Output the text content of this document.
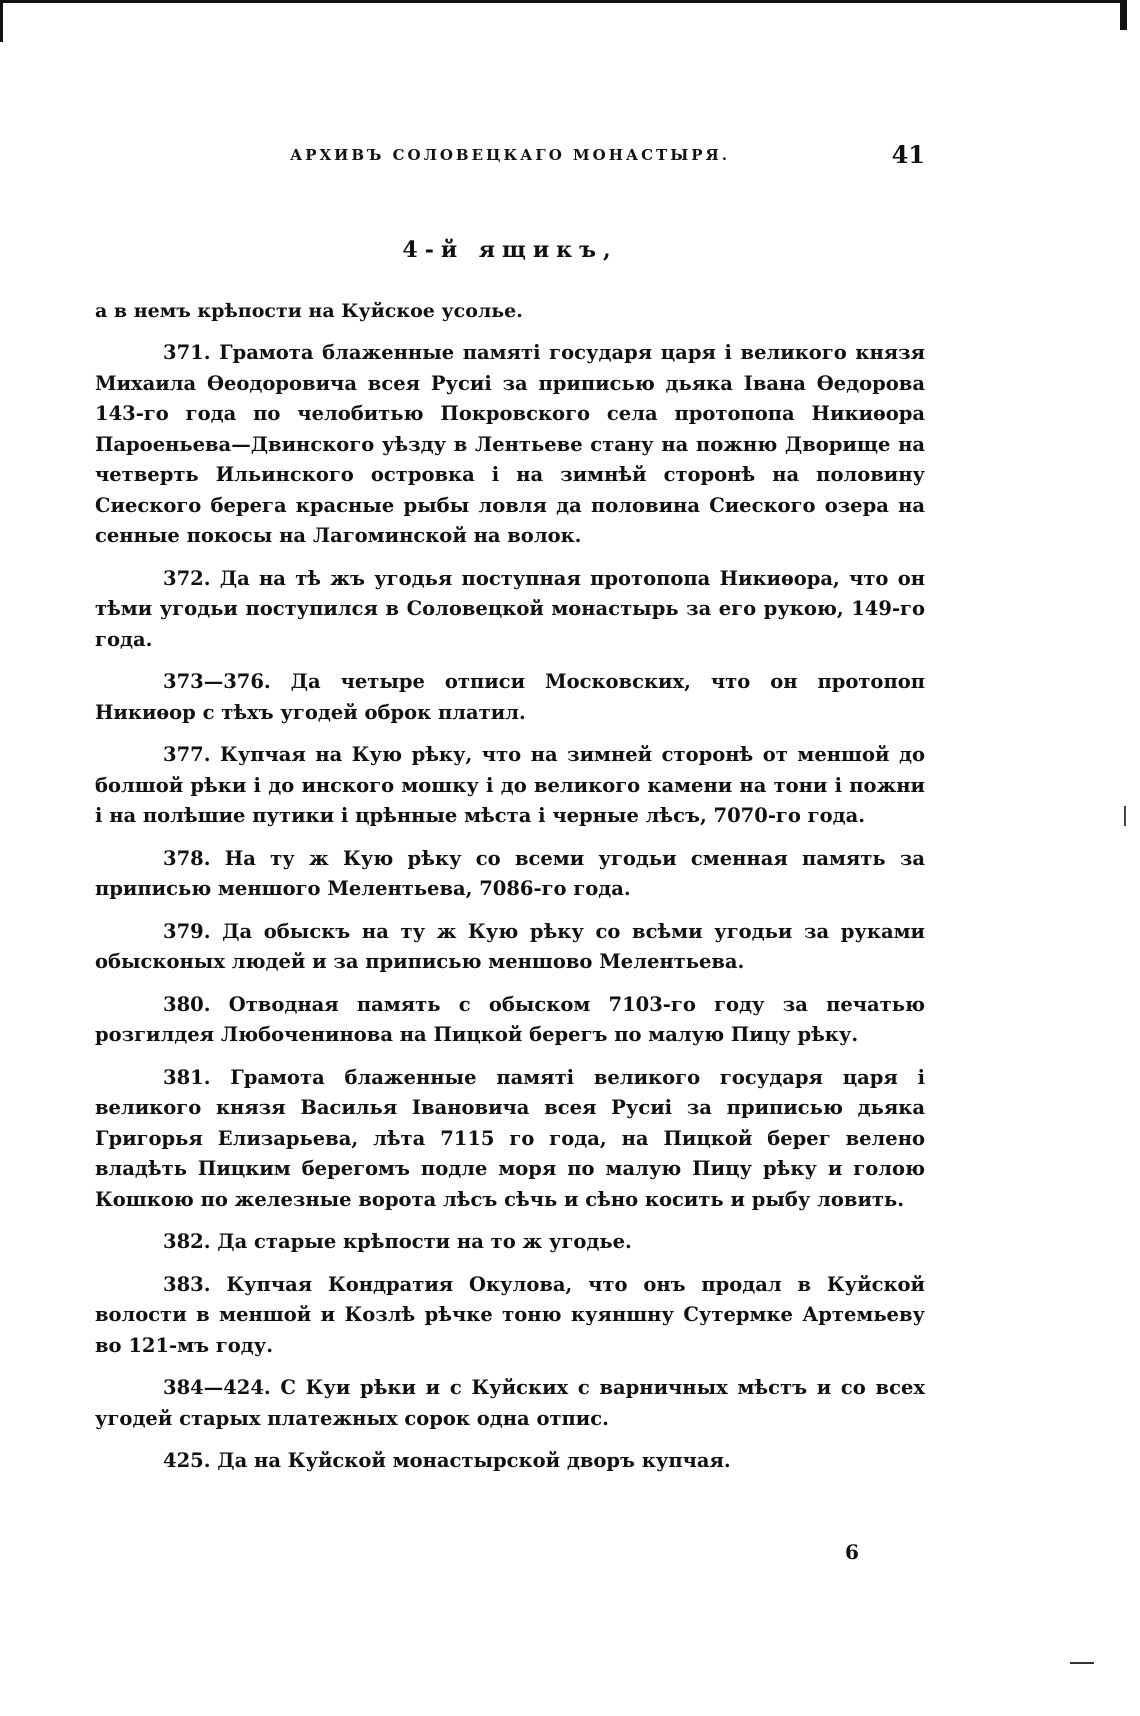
АРХИВЪ СОЛОВЕЦКАГО МОНАСТЫРЯ.	41
4-й ящикъ,
а в немъ крѣпости на Куйское усолье.

371. Грамота блаженные памяті государя царя і великого князя Михаила Ѳеодоровича всея Русиі за приписью дьяка Івана Ѳедорова 143-го года по челобитью Покровского села протопопа Никиѳора Пароеньева—Двинского уѣзду в Лентьеве стану на пожню Дворище на четверть Ильинского островка і на зимнѣй сторонѣ на половину Сиеского берега красные рыбы ловля да половина Сиеского озера на сенные покосы на Лагоминской на волок.

372. Да на тѣ жъ угодья поступная протопопа Никиѳора, что он тѣми угодьи поступился в Соловецкой монастырь за его рукою, 149-го года.

373—376. Да четыре отписи Московских, что он протопоп Никиѳор с тѣхъ угодей оброк платил.

377. Купчая на Кую рѣку, что на зимней сторонѣ от меншой до болшой рѣки і до инского мошку і до великого камени на тони і пожни і на полѣшие путики і црѣнные мѣста і черные лѣсъ, 7070-го года.

378. На ту ж Кую рѣку со всеми угодьи сменная память за приписью меншого Мелентьева, 7086-го года.

379. Да обыскъ на ту ж Кую рѣку со всѣми угодьи за руками обысконых людей и за приписью меншово Мелентьева.

380. Отводная память с обыском 7103-го году за печатью розгилдея Любоченинова на Пицкой берегъ по малую Пицу рѣку.

381. Грамота блаженные памяті великого государя царя і великого князя Василья Івановича всея Русиі за приписью дьяка Григорья Елизарьева, лѣта 7115 го года, на Пицкой берег велено владѣть Пицким берегомъ подле моря по малую Пицу рѣку и голою Кошкою по железные ворота лѣсъ сѣчь и сѣно косить и рыбу ловить.

382. Да старые крѣпости на то ж угодье.

383. Купчая Кондратия Окулова, что онъ продал в Куйской волости в меншой и Козлѣ рѣчке тоню куяншну Сутермке Артемьеву во 121-мъ году.

384—424. С Куи рѣки и с Куйских с варничных мѣстъ и со всех угодей старых платежных сорок одна отпис.

425. Да на Куйской монастырской дворъ купчая.

6
